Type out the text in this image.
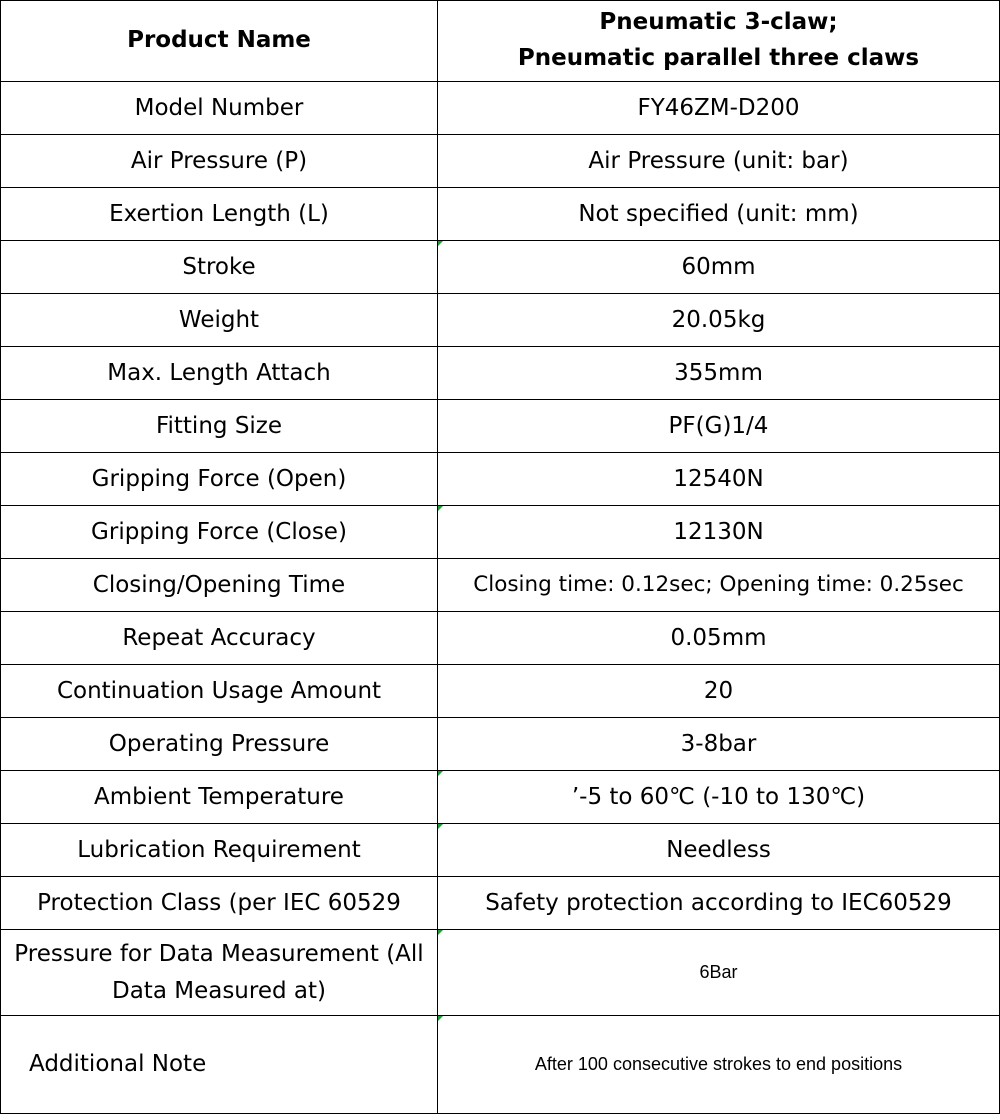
Product Name	Pneumatic 3-claw;
Pneumatic parallel three claws
Model Number	FY46ZM-D200
Air Pressure (P)	Air Pressure (unit: bar)
Exertion Length (L)	Not specified (unit: mm)
Stroke	60mm
Weight	20.05kg
Max. Length Attach	355mm
Fitting Size	PF(G)1/4
Gripping Force (Open)	12540N
Gripping Force (Close)	12130N
Closing/Opening Time	Closing time: 0.12sec; Opening time: 0.25sec
Repeat Accuracy	0.05mm
Continuation Usage Amount	20
Operating Pressure	3-8bar
Ambient Temperature	’-5 to 60℃ (-10 to 130℃)
Lubrication Requirement	Needless
Protection Class (per IEC 60529	Safety protection according to IEC60529
Pressure for Data Measurement (All Data Measured at)	6Bar
Additional Note	After 100 consecutive strokes to end positions
